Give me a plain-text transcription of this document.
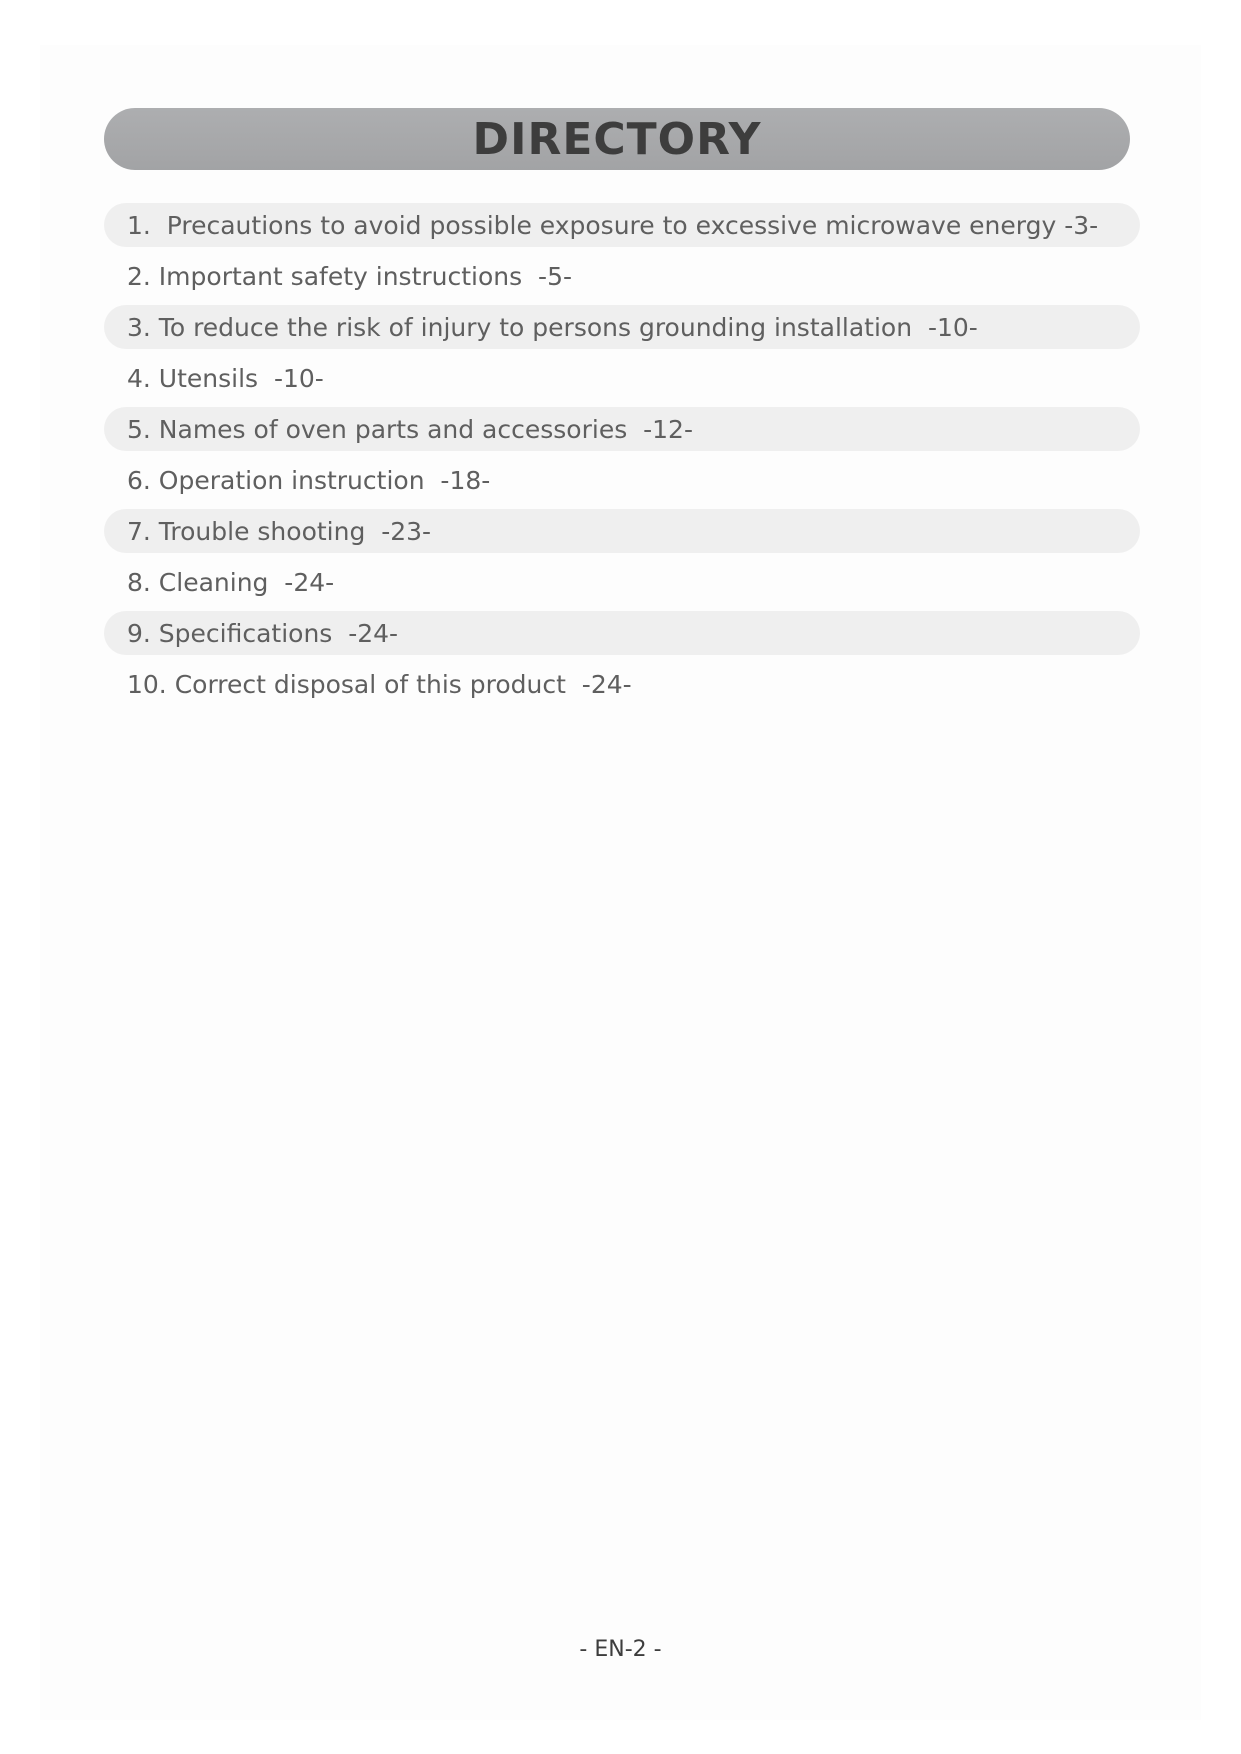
DIRECTORY
1.  Precautions to avoid possible exposure to excessive microwave energy -3-
2. Important safety instructions  -5-
3. To reduce the risk of injury to persons grounding installation  -10-
4. Utensils  -10-
5. Names of oven parts and accessories  -12-
6. Operation instruction  -18-
7. Trouble shooting  -23-
8. Cleaning  -24-
9. Specifications  -24-
10. Correct disposal of this product  -24-
- EN-2 -
